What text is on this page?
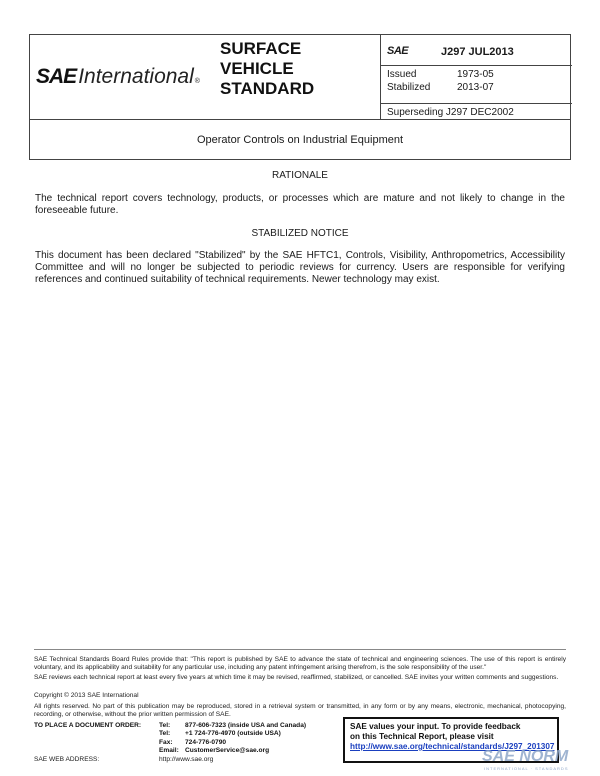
SAE International ®
SURFACE
VEHICLE
STANDARD
SAE	J297 JUL2013
Issued	1973-05
Stabilized	2013-07
Superseding J297 DEC2002
Operator Controls on Industrial Equipment
RATIONALE
The technical report covers technology, products, or processes which are mature and not likely to change in the foreseeable future.
STABILIZED NOTICE
This document has been declared "Stabilized" by the SAE HFTC1, Controls, Visibility, Anthropometrics, Accessibility Committee and will no longer be subjected to periodic reviews for currency. Users are responsible for verifying references and continued suitability of technical requirements. Newer technology may exist.
SAE Technical Standards Board Rules provide that: "This report is published by SAE to advance the state of technical and engineering sciences. The use of this report is entirely voluntary, and its applicability and suitability for any particular use, including any patent infringement arising therefrom, is the sole responsibility of the user."
SAE reviews each technical report at least every five years at which time it may be revised, reaffirmed, stabilized, or cancelled. SAE invites your written comments and suggestions.
Copyright © 2013 SAE International
All rights reserved. No part of this publication may be reproduced, stored in a retrieval system or transmitted, in any form or by any means, electronic, mechanical, photocopying, recording, or otherwise, without the prior written permission of SAE.
TO PLACE A DOCUMENT ORDER:	Tel: 877-606-7323 (inside USA and Canada)
Tel: +1 724-776-4970 (outside USA)
Fax: 724-776-0790
Email: CustomerService@sae.org
SAE WEB ADDRESS:	http://www.sae.org
SAE values your input. To provide feedback
on this Technical Report, please visit
http://www.sae.org/technical/standards/J297_201307
SAE NORM
INTERNATIONAL · STANDARDS
